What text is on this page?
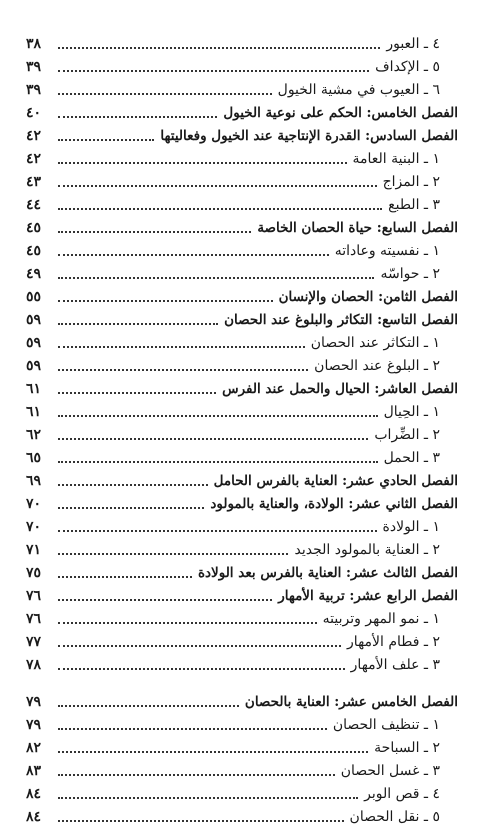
٤ ـ العبور
٣٨
٥ ـ الإكداف
٣٩
٦ ـ العيوب في مشية الخيول
٣٩
الفصل الخامس: الحكم على نوعية الخيول
٤٠
الفصل السادس: القدرة الإنتاجية عند الخيول وفعاليتها
٤٢
١ ـ البنية العامة
٤٢
٢ ـ المزاج
٤٣
٣ ـ الطبع
٤٤
الفصل السابع: حياة الحصان الخاصة
٤٥
١ ـ نفسيته وعاداته
٤٥
٢ ـ حواسّه
٤٩
الفصل الثامن: الحصان والإنسان
٥٥
الفصل التاسع: التكاثر والبلوغ عند الحصان
٥٩
١ ـ التكاثر عند الحصان
٥٩
٢ ـ البلوغ عند الحصان
٥٩
الفصل العاشر: الحيال والحمل عند الفرس
٦١
١ ـ الحِيال
٦١
٢ ـ الضِّراب
٦٢
٣ ـ الحمل
٦٥
الفصل الحادي عشر: العناية بالفرس الحامل
٦٩
الفصل الثاني عشر: الولادة، والعناية بالمولود
٧٠
١ ـ الولادة
٧٠
٢ ـ العناية بالمولود الجديد
٧١
الفصل الثالث عشر: العناية بالفرس بعد الولادة
٧٥
الفصل الرابع عشر: تربية الأمهار
٧٦
١ ـ نمو المهر وتربيته
٧٦
٢ ـ فطام الأمهار
٧٧
٣ ـ علف الأمهار
٧٨
الفصل الخامس عشر: العناية بالحصان
٧٩
١ ـ تنظيف الحصان
٧٩
٢ ـ السباحة
٨٢
٣ ـ غسل الحصان
٨٣
٤ ـ قص الوبر
٨٤
٥ ـ نقل الحصان
٨٤
